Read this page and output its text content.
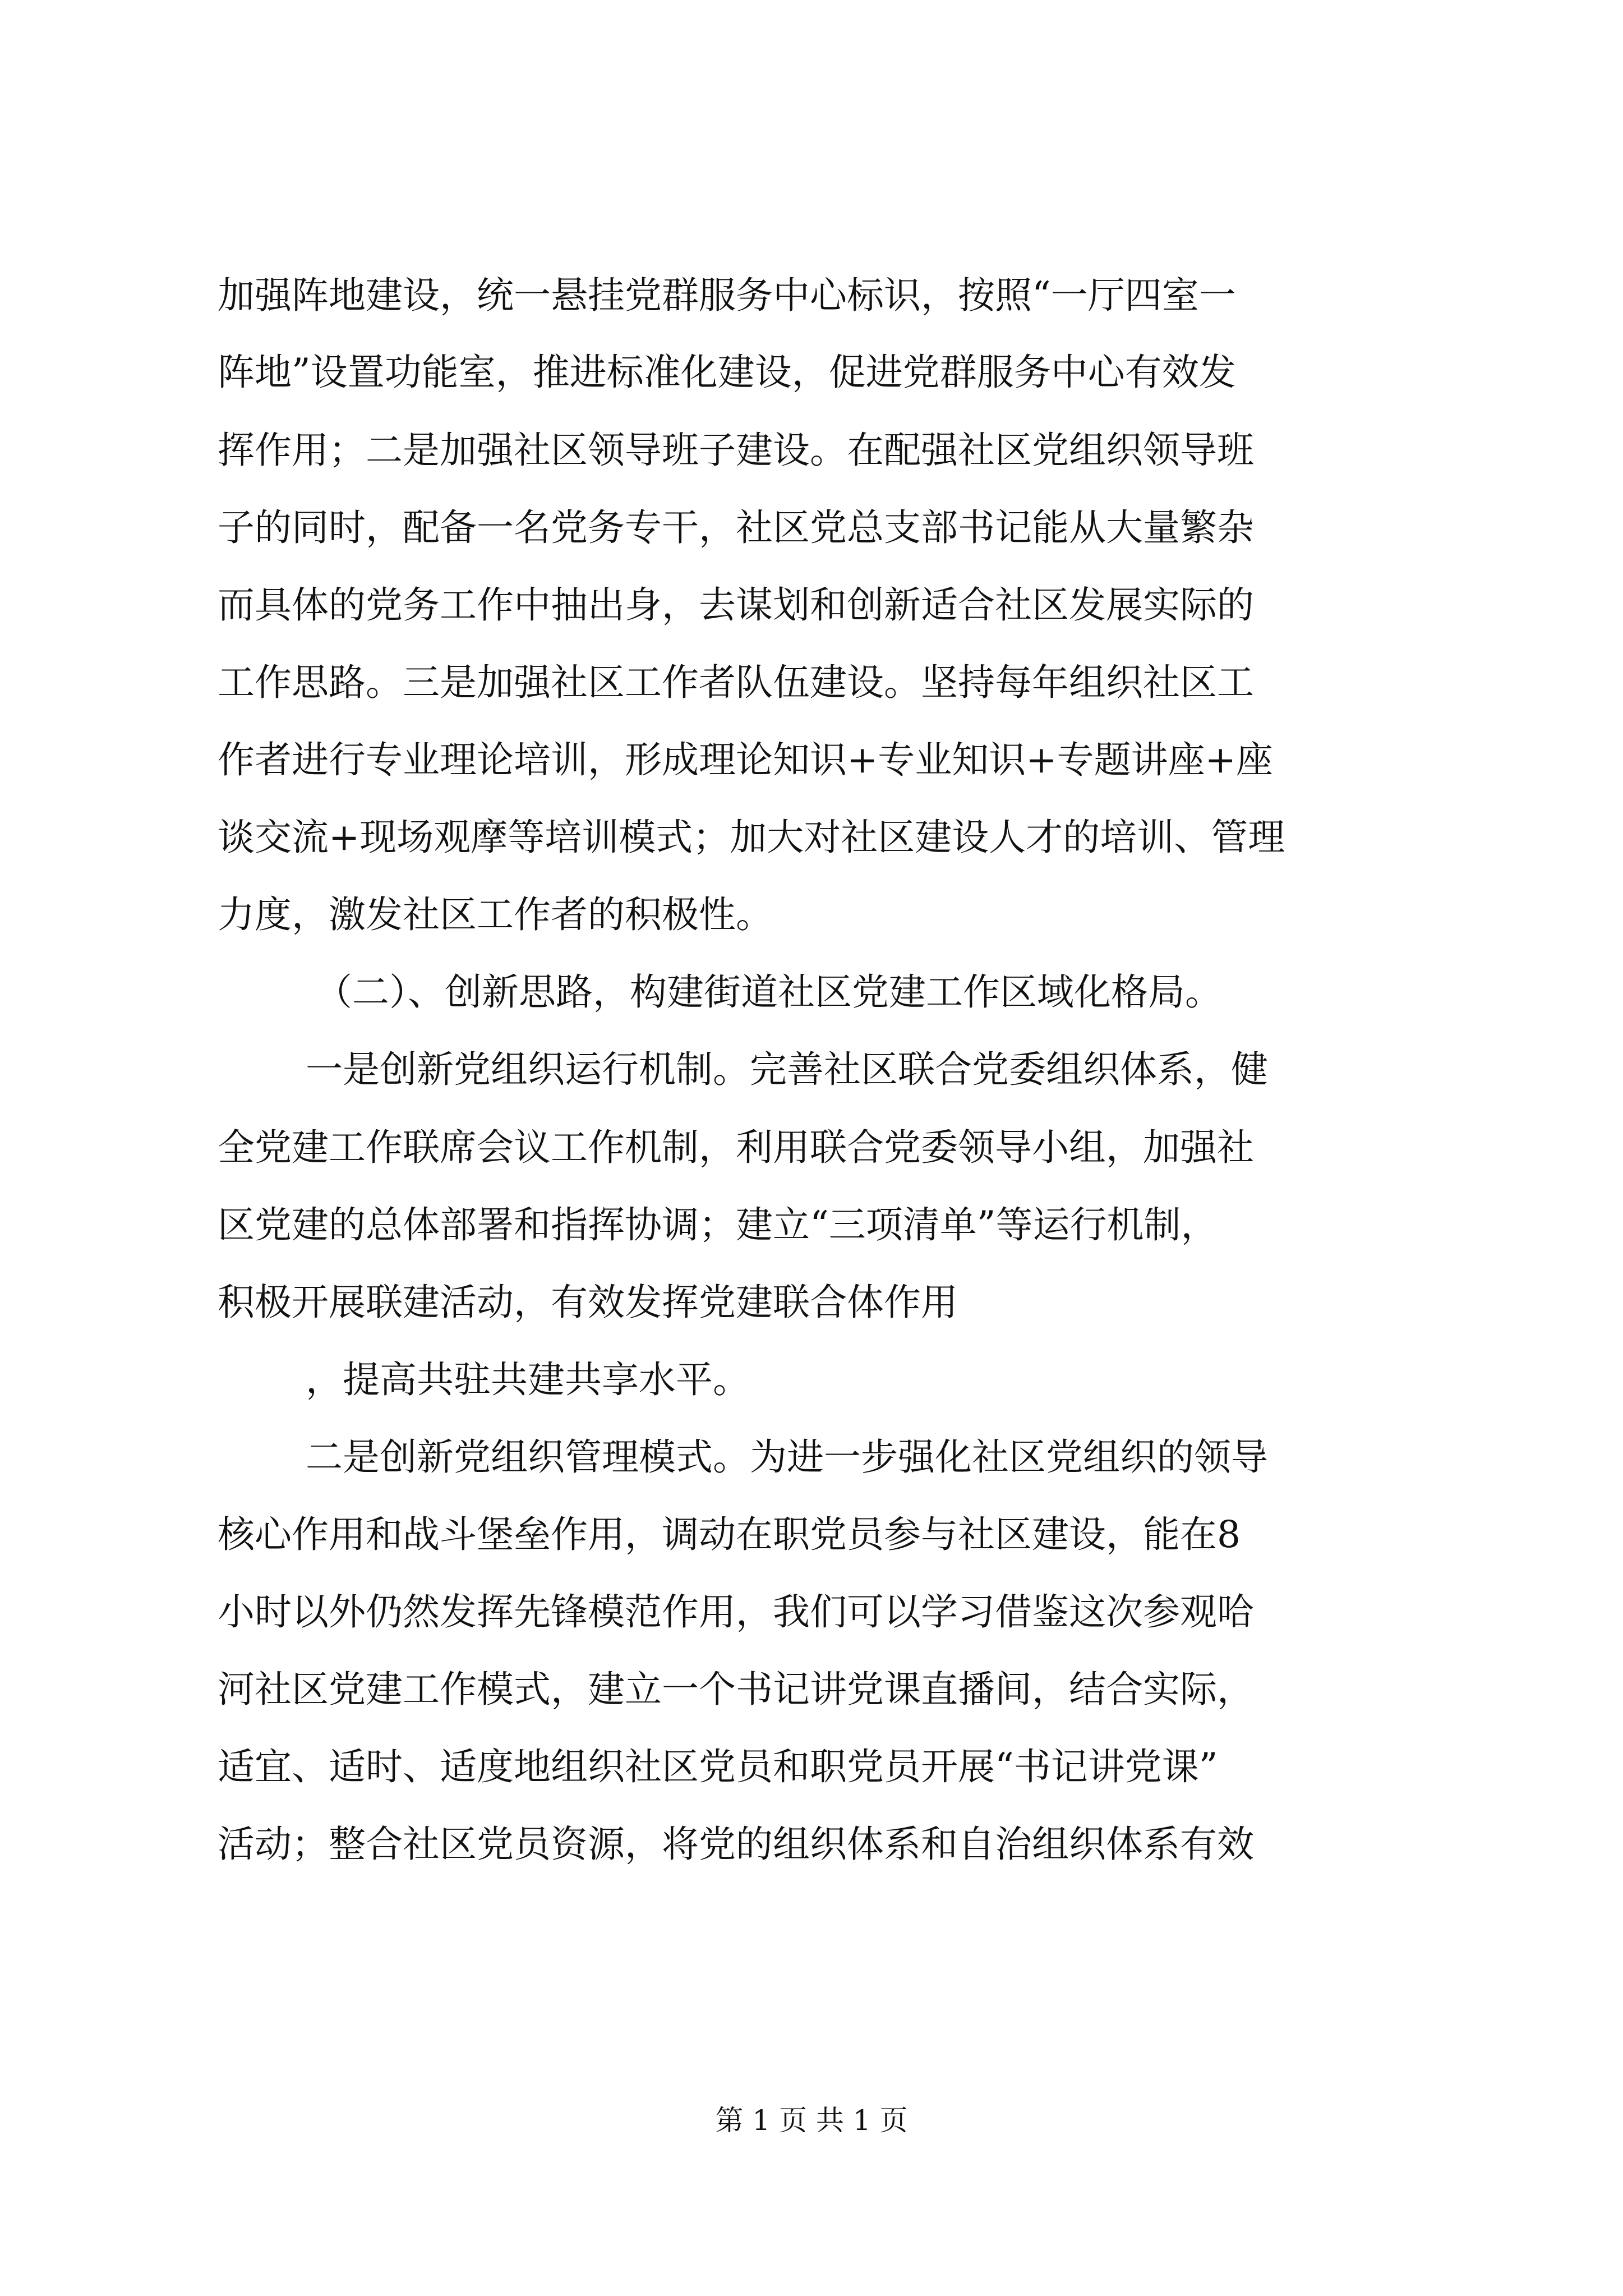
加强阵地建设，统一悬挂党群服务中心标识，按照“一厅四室一
阵地”设置功能室，推进标准化建设，促进党群服务中心有效发
挥作用；二是加强社区领导班子建设。在配强社区党组织领导班
子的同时，配备一名党务专干，社区党总支部书记能从大量繁杂
而具体的党务工作中抽出身，去谋划和创新适合社区发展实际的
工作思路。三是加强社区工作者队伍建设。坚持每年组织社区工
作者进行专业理论培训，形成理论知识+专业知识+专题讲座+座
谈交流+现场观摩等培训模式；加大对社区建设人才的培训、管理
力度，激发社区工作者的积极性。
（二）、创新思路，构建街道社区党建工作区域化格局。
一是创新党组织运行机制。完善社区联合党委组织体系，健
全党建工作联席会议工作机制，利用联合党委领导小组，加强社
区党建的总体部署和指挥协调；建立“三项清单”等运行机制，
积极开展联建活动，有效发挥党建联合体作用
，提高共驻共建共享水平。
二是创新党组织管理模式。为进一步强化社区党组织的领导
核心作用和战斗堡垒作用，调动在职党员参与社区建设，能在8
小时以外仍然发挥先锋模范作用，我们可以学习借鉴这次参观哈
河社区党建工作模式，建立一个书记讲党课直播间，结合实际，
适宜、适时、适度地组织社区党员和职党员开展“书记讲党课”
活动；整合社区党员资源，将党的组织体系和自治组织体系有效
第 1 页 共 1 页
